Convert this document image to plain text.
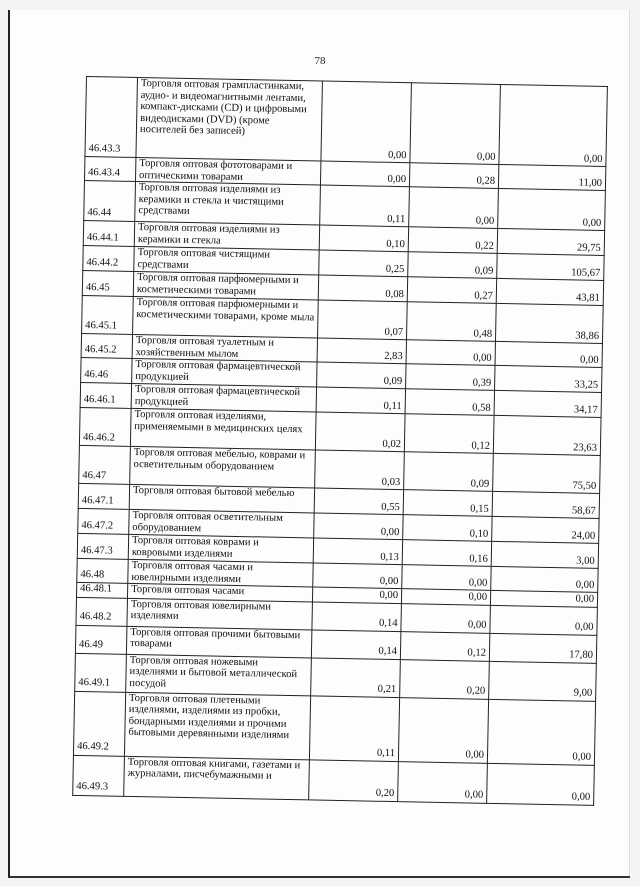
78
46.43.3	Торговля оптовая грампластинками, аудио- и видеомагнитными лентами, компакт-дисками (CD) и цифровыми видеодисками (DVD) (кроме носителей без записей)	0,00	0,00	0,00
46.43.4	Торговля оптовая фототоварами и оптическими товарами	0,00	0,28	11,00
46.44	Торговля оптовая изделиями из керамики и стекла и чистящими средствами	0,11	0,00	0,00
46.44.1	Торговля оптовая изделиями из керамики и стекла	0,10	0,22	29,75
46.44.2	Торговля оптовая чистящими средствами	0,25	0,09	105,67
46.45	Торговля оптовая парфюмерными и косметическими товарами	0,08	0,27	43,81
46.45.1	Торговля оптовая парфюмерными и косметическими товарами, кроме мыла	0,07	0,48	38,86
46.45.2	Торговля оптовая туалетным и хозяйственным мылом	2,83	0,00	0,00
46.46	Торговля оптовая фармацевтической продукцией	0,09	0,39	33,25
46.46.1	Торговля оптовая фармацевтической продукцией	0,11	0,58	34,17
46.46.2	Торговля оптовая изделиями, применяемыми в медицинских целях	0,02	0,12	23,63
46.47	Торговля оптовая мебелью, коврами и осветительным оборудованием	0,03	0,09	75,50
46.47.1	Торговля оптовая бытовой мебелью	0,55	0,15	58,67
46.47.2	Торговля оптовая осветительным оборудованием	0,00	0,10	24,00
46.47.3	Торговля оптовая коврами и ковровыми изделиями	0,13	0,16	3,00
46.48	Торговля оптовая часами и ювелирными изделиями	0,00	0,00	0,00
46.48.1	Торговля оптовая часами	0,00	0,00	0,00
46.48.2	Торговля оптовая ювелирными изделиями	0,14	0,00	0,00
46.49	Торговля оптовая прочими бытовыми товарами	0,14	0,12	17,80
46.49.1	Торговля оптовая ножевыми изделиями и бытовой металлической посудой	0,21	0,20	9,00
46.49.2	Торговля оптовая плетеными изделиями, изделиями из пробки, бондарными изделиями и прочими бытовыми деревянными изделиями	0,11	0,00	0,00
46.49.3	Торговля оптовая книгами, газетами и журналами, писчебумажными и	0,20	0,00	0,00
